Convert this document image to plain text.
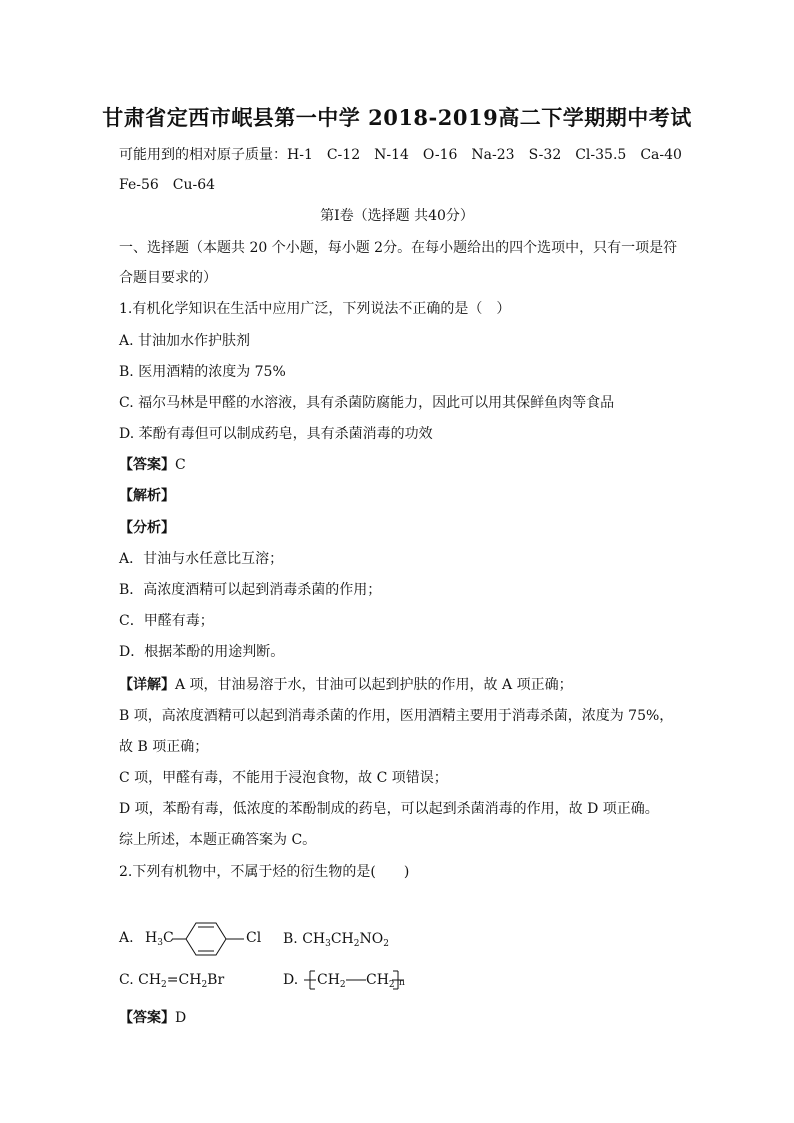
甘肃省定西市岷县第一中学 2018-2019高二下学期期中考试
可能用到的相对原子质量：H-1　C-12　N-14　O-16　Na-23　S-32　Cl-35.5　Ca-40
Fe-56　Cu-64
第Ⅰ卷（选择题 共40分）
一、选择题（本题共 20 个小题，每小题 2分。在每小题给出的四个选项中，只有一项是符
合题目要求的）
1.有机化学知识在生活中应用广泛，下列说法不正确的是（　）
A. 甘油加水作护肤剂
B. 医用酒精的浓度为 75%
C. 福尔马林是甲醛的水溶液，具有杀菌防腐能力，因此可以用其保鲜鱼肉等食品
D. 苯酚有毒但可以制成药皂，具有杀菌消毒的功效
【答案】C
【解析】
【分析】
A．甘油与水任意比互溶；
B．高浓度酒精可以起到消毒杀菌的作用；
C．甲醛有毒；
D．根据苯酚的用途判断。
【详解】A 项，甘油易溶于水，甘油可以起到护肤的作用，故 A 项正确；
B 项，高浓度酒精可以起到消毒杀菌的作用，医用酒精主要用于消毒杀菌，浓度为 75%，
故 B 项正确；
C 项，甲醛有毒，不能用于浸泡食物，故 C 项错误；
D 项，苯酚有毒，低浓度的苯酚制成的药皂，可以起到杀菌消毒的作用，故 D 项正确。
综上所述，本题正确答案为 C。
2.下列有机物中，不属于烃的衍生物的是(　　)
A. $H_3C$	Cl B. $CH_3CH_2NO_2$
C. $CH_2=CH_2Br$	D. $CH_2$ $CH_2$ n
【答案】D
